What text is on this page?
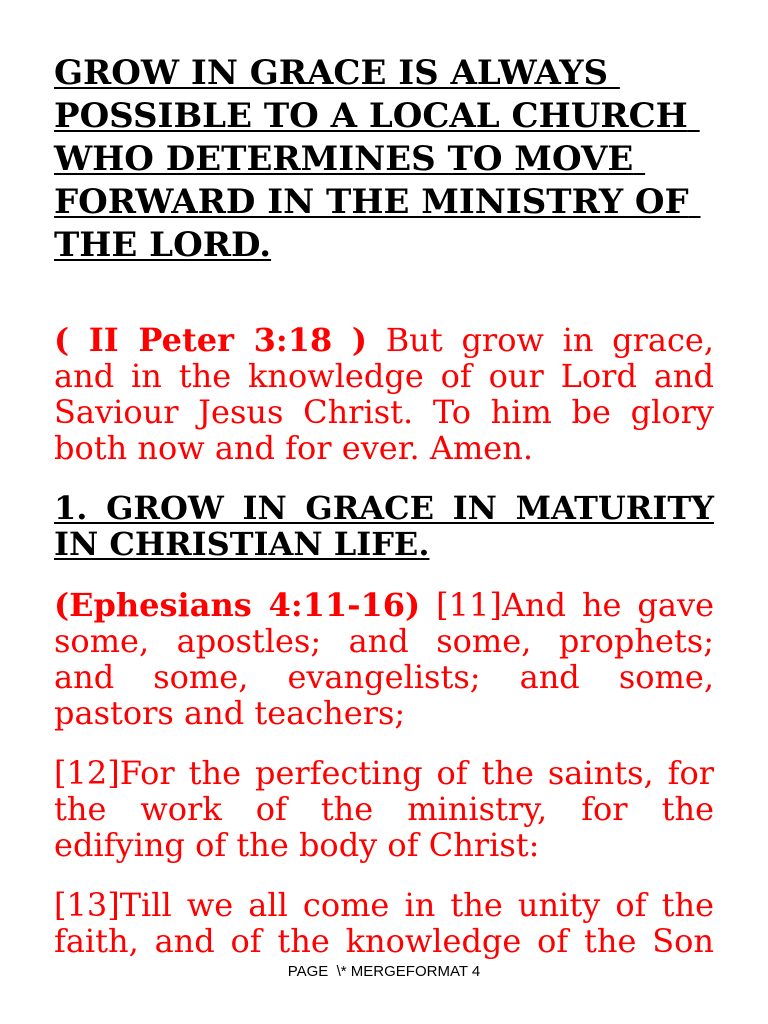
GROW IN GRACE IS ALWAYS
POSSIBLE TO A LOCAL CHURCH
WHO DETERMINES TO MOVE
FORWARD IN THE MINISTRY OF
THE LORD.
( II Peter 3:18 ) But grow in grace,
and in the knowledge of our Lord and
Saviour Jesus Christ. To him be glory
both now and for ever. Amen.
1. GROW IN GRACE IN MATURITY
IN CHRISTIAN LIFE.
(Ephesians 4:11-16) [11]And he gave
some, apostles; and some, prophets;
and some, evangelists; and some,
pastors and teachers;
[12]For the perfecting of the saints, for
the work of the ministry, for the
edifying of the body of Christ:
[13]Till we all come in the unity of the
faith, and of the knowledge of the Son
PAGE  \* MERGEFORMAT 4
